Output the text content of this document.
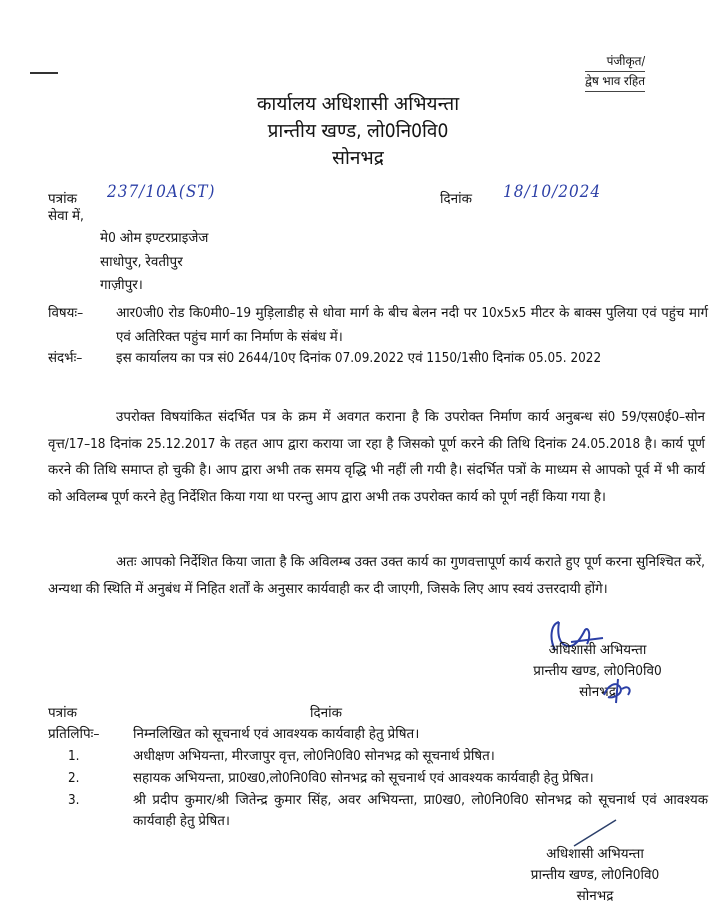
पंजीकृत/
द्वेष भाव रहित
कार्यालय अधिशासी अभियन्ता
प्रान्तीय खण्ड, लो0नि0वि0
सोनभद्र
पत्रांक 237/10A(ST)	दिनांक 18/10/2024
सेवा में,
मे0 ओम इण्टरप्राइजेज
साधोपुर, रेवतीपुर
गाज़ीपुर।
विषयः– आर0जी0 रोड कि0मी0–19 मुड़िलाडीह से धोवा मार्ग के बीच बेलन नदी पर 10x5x5 मीटर के बाक्स पुलिया एवं पहुंच मार्ग एवं अतिरिक्त पहुंच मार्ग का निर्माण के संबंध में।
संदर्भः–	इस कार्यालय का पत्र सं0 2644/10ए दिनांक 07.09.2022 एवं 1150/1सी0 दिनांक 05.05. 2022
उपरोक्त विषयांकित संदर्भित पत्र के क्रम में अवगत कराना है कि उपरोक्त निर्माण कार्य अनुबन्ध सं0 59/एस0ई0–सोन वृत्त/17–18 दिनांक 25.12.2017 के तहत आप द्वारा कराया जा रहा है जिसको पूर्ण करने की तिथि दिनांक 24.05.2018 है। कार्य पूर्ण करने की तिथि समाप्त हो चुकी है। आप द्वारा अभी तक समय वृद्धि भी नहीं ली गयी है। संदर्भित पत्रों के माध्यम से आपको पूर्व में भी कार्य को अविलम्ब पूर्ण करने हेतु निर्देशित किया गया था परन्तु आप द्वारा अभी तक उपरोक्त कार्य को पूर्ण नहीं किया गया है।
अतः आपको निर्देशित किया जाता है कि अविलम्ब उक्त उक्त कार्य का गुणवत्तापूर्ण कार्य कराते हुए पूर्ण करना सुनिश्चित करें, अन्यथा की स्थिति में अनुबंध में निहित शर्तों के अनुसार कार्यवाही कर दी जाएगी, जिसके लिए आप स्वयं उत्तरदायी होंगे।
अधिशासी अभियन्ता
प्रान्तीय खण्ड, लो0नि0वि0
सोनभद्र
पत्रांक	दिनांक
प्रतिलिपिः– निम्नलिखित को सूचनार्थ एवं आवश्यक कार्यवाही हेतु प्रेषित।
1.	अधीक्षण अभियन्ता, मीरजापुर वृत्त, लो0नि0वि0 सोनभद्र को सूचनार्थ प्रेषित।
2.	सहायक अभियन्ता, प्रा0ख0,लो0नि0वि0 सोनभद्र को सूचनार्थ एवं आवश्यक कार्यवाही हेतु प्रेषित।
3.	श्री प्रदीप कुमार/श्री जितेन्द्र कुमार सिंह, अवर अभियन्ता, प्रा0ख0, लो0नि0वि0 सोनभद्र को सूचनार्थ एवं आवश्यक कार्यवाही हेतु प्रेषित।
अधिशासी अभियन्ता
प्रान्तीय खण्ड, लो0नि0वि0
सोनभद्र
